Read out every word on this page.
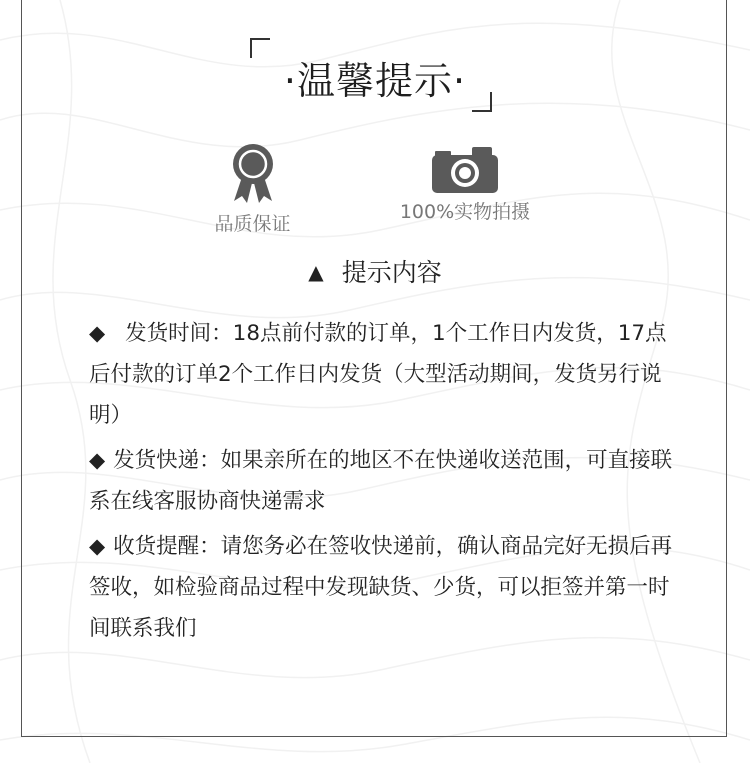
·温馨提示·
品质保证
100%实物拍摄
▲ 提示内容

◆ 发货时间：18点前付款的订单，1个工作日内发货，17点后付款的订单2个工作日内发货（大型活动期间，发货另行说明）

◆ 发货快递：如果亲所在的地区不在快递收送范围，可直接联系在线客服协商快递需求

◆ 收货提醒：请您务必在签收快递前，确认商品完好无损后再签收，如检验商品过程中发现缺货、少货，可以拒签并第一时间联系我们
